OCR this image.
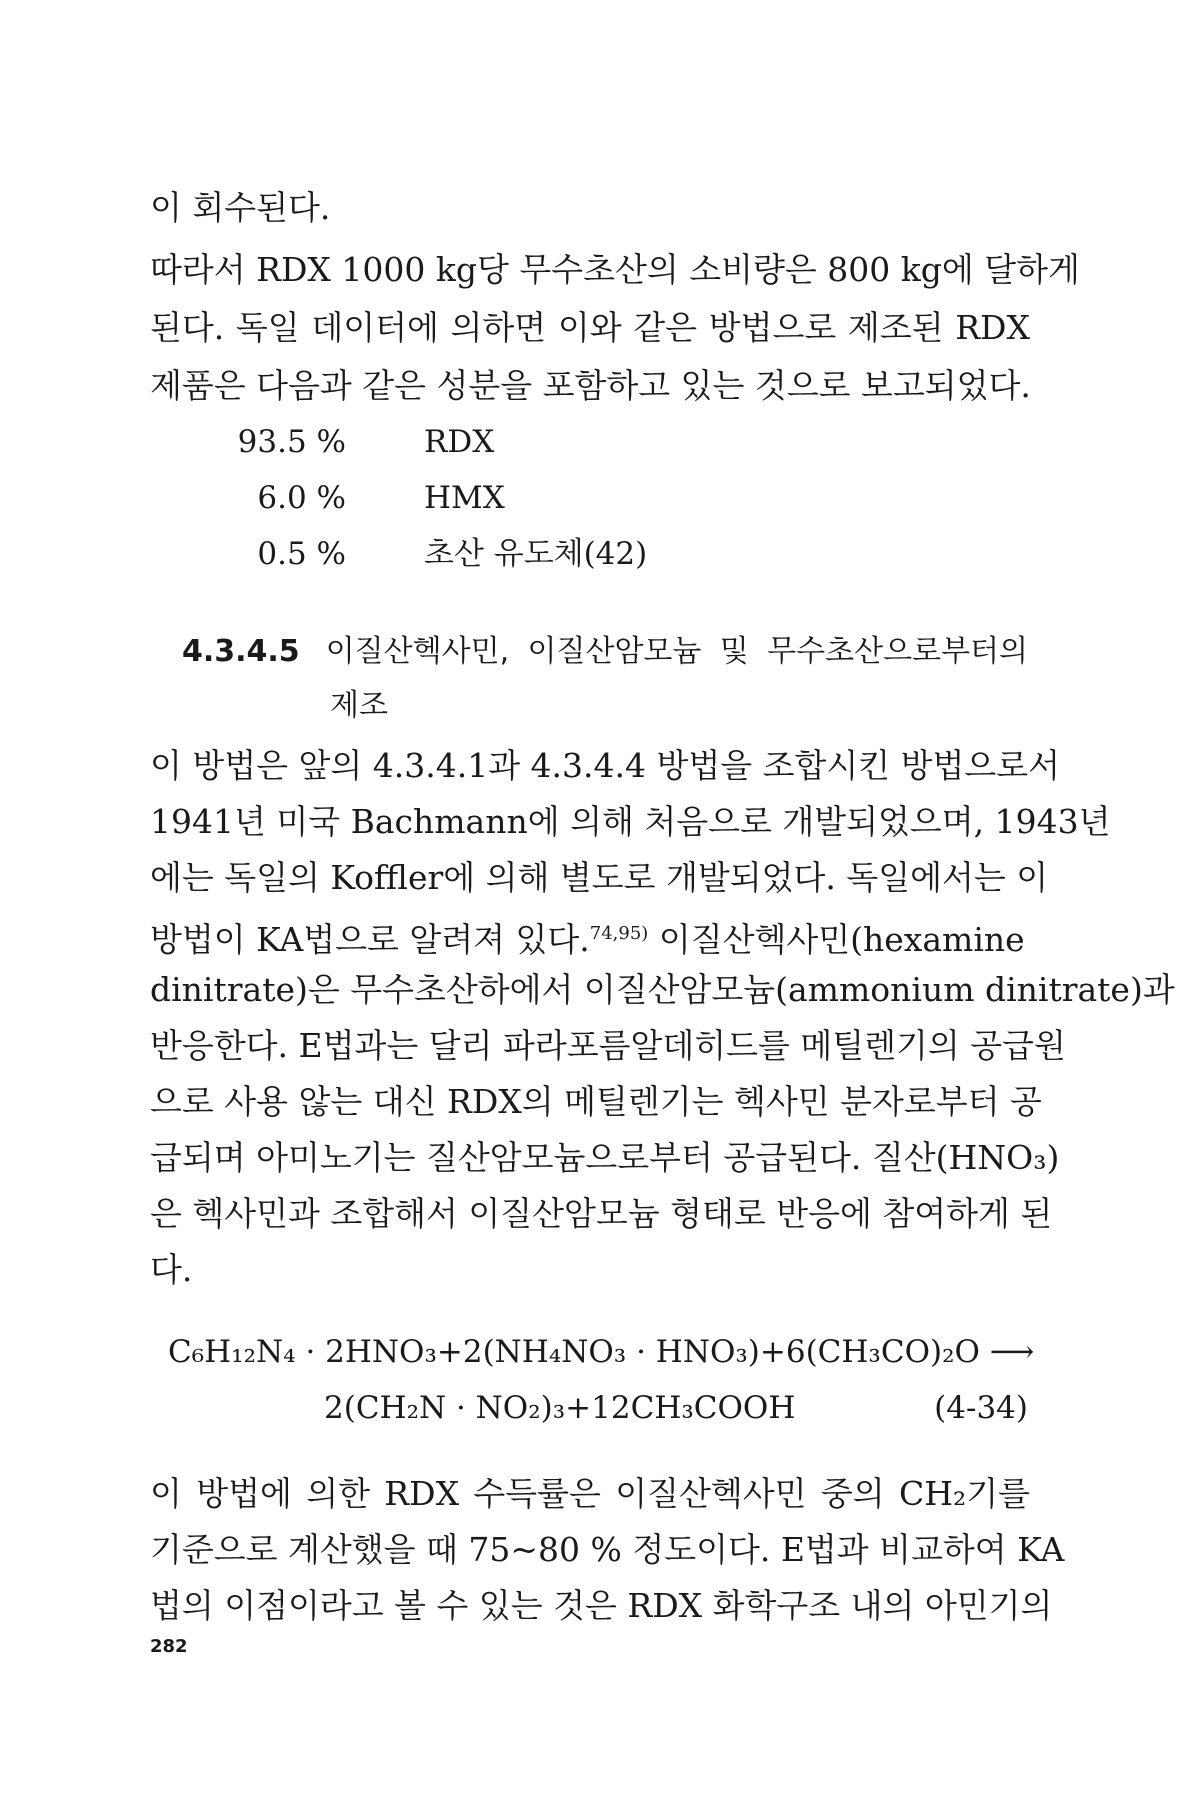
이 회수된다.
따라서 RDX 1000 kg당 무수초산의 소비량은 800 kg에 달하게
된다. 독일 데이터에 의하면 이와 같은 방법으로 제조된 RDX
제품은 다음과 같은 성분을 포함하고 있는 것으로 보고되었다.
93.5 %	RDX
6.0 %	HMX
0.5 %	초산 유도체(42)
4.3.4.5 이질산헥사민, 이질산암모늄 및 무수초산으로부터의
제조
이 방법은 앞의 4.3.4.1과 4.3.4.4 방법을 조합시킨 방법으로서
1941년 미국 Bachmann에 의해 처음으로 개발되었으며, 1943년
에는 독일의 Koffler에 의해 별도로 개발되었다. 독일에서는 이
방법이 KA법으로 알려져 있다.$^{74,95)}$ 이질산헥사민(hexamine
dinitrate)은 무수초산하에서 이질산암모늄(ammonium dinitrate)과
반응한다. E법과는 달리 파라포름알데히드를 메틸렌기의 공급원
으로 사용 않는 대신 RDX의 메틸렌기는 헥사민 분자로부터 공
급되며 아미노기는 질산암모늄으로부터 공급된다. 질산(HNO₃)
은 헥사민과 조합해서 이질산암모늄 형태로 반응에 참여하게 된
다.
C₆H₁₂N₄ · 2HNO₃+2(NH₄NO₃ · HNO₃)+6(CH₃CO)₂O ⟶
2(CH₂N · NO₂)₃+12CH₃COOH	(4-34)
이 방법에 의한 RDX 수득률은 이질산헥사민 중의 CH₂기를
기준으로 계산했을 때 75~80 % 정도이다. E법과 비교하여 KA
법의 이점이라고 볼 수 있는 것은 RDX 화학구조 내의 아민기의
282
